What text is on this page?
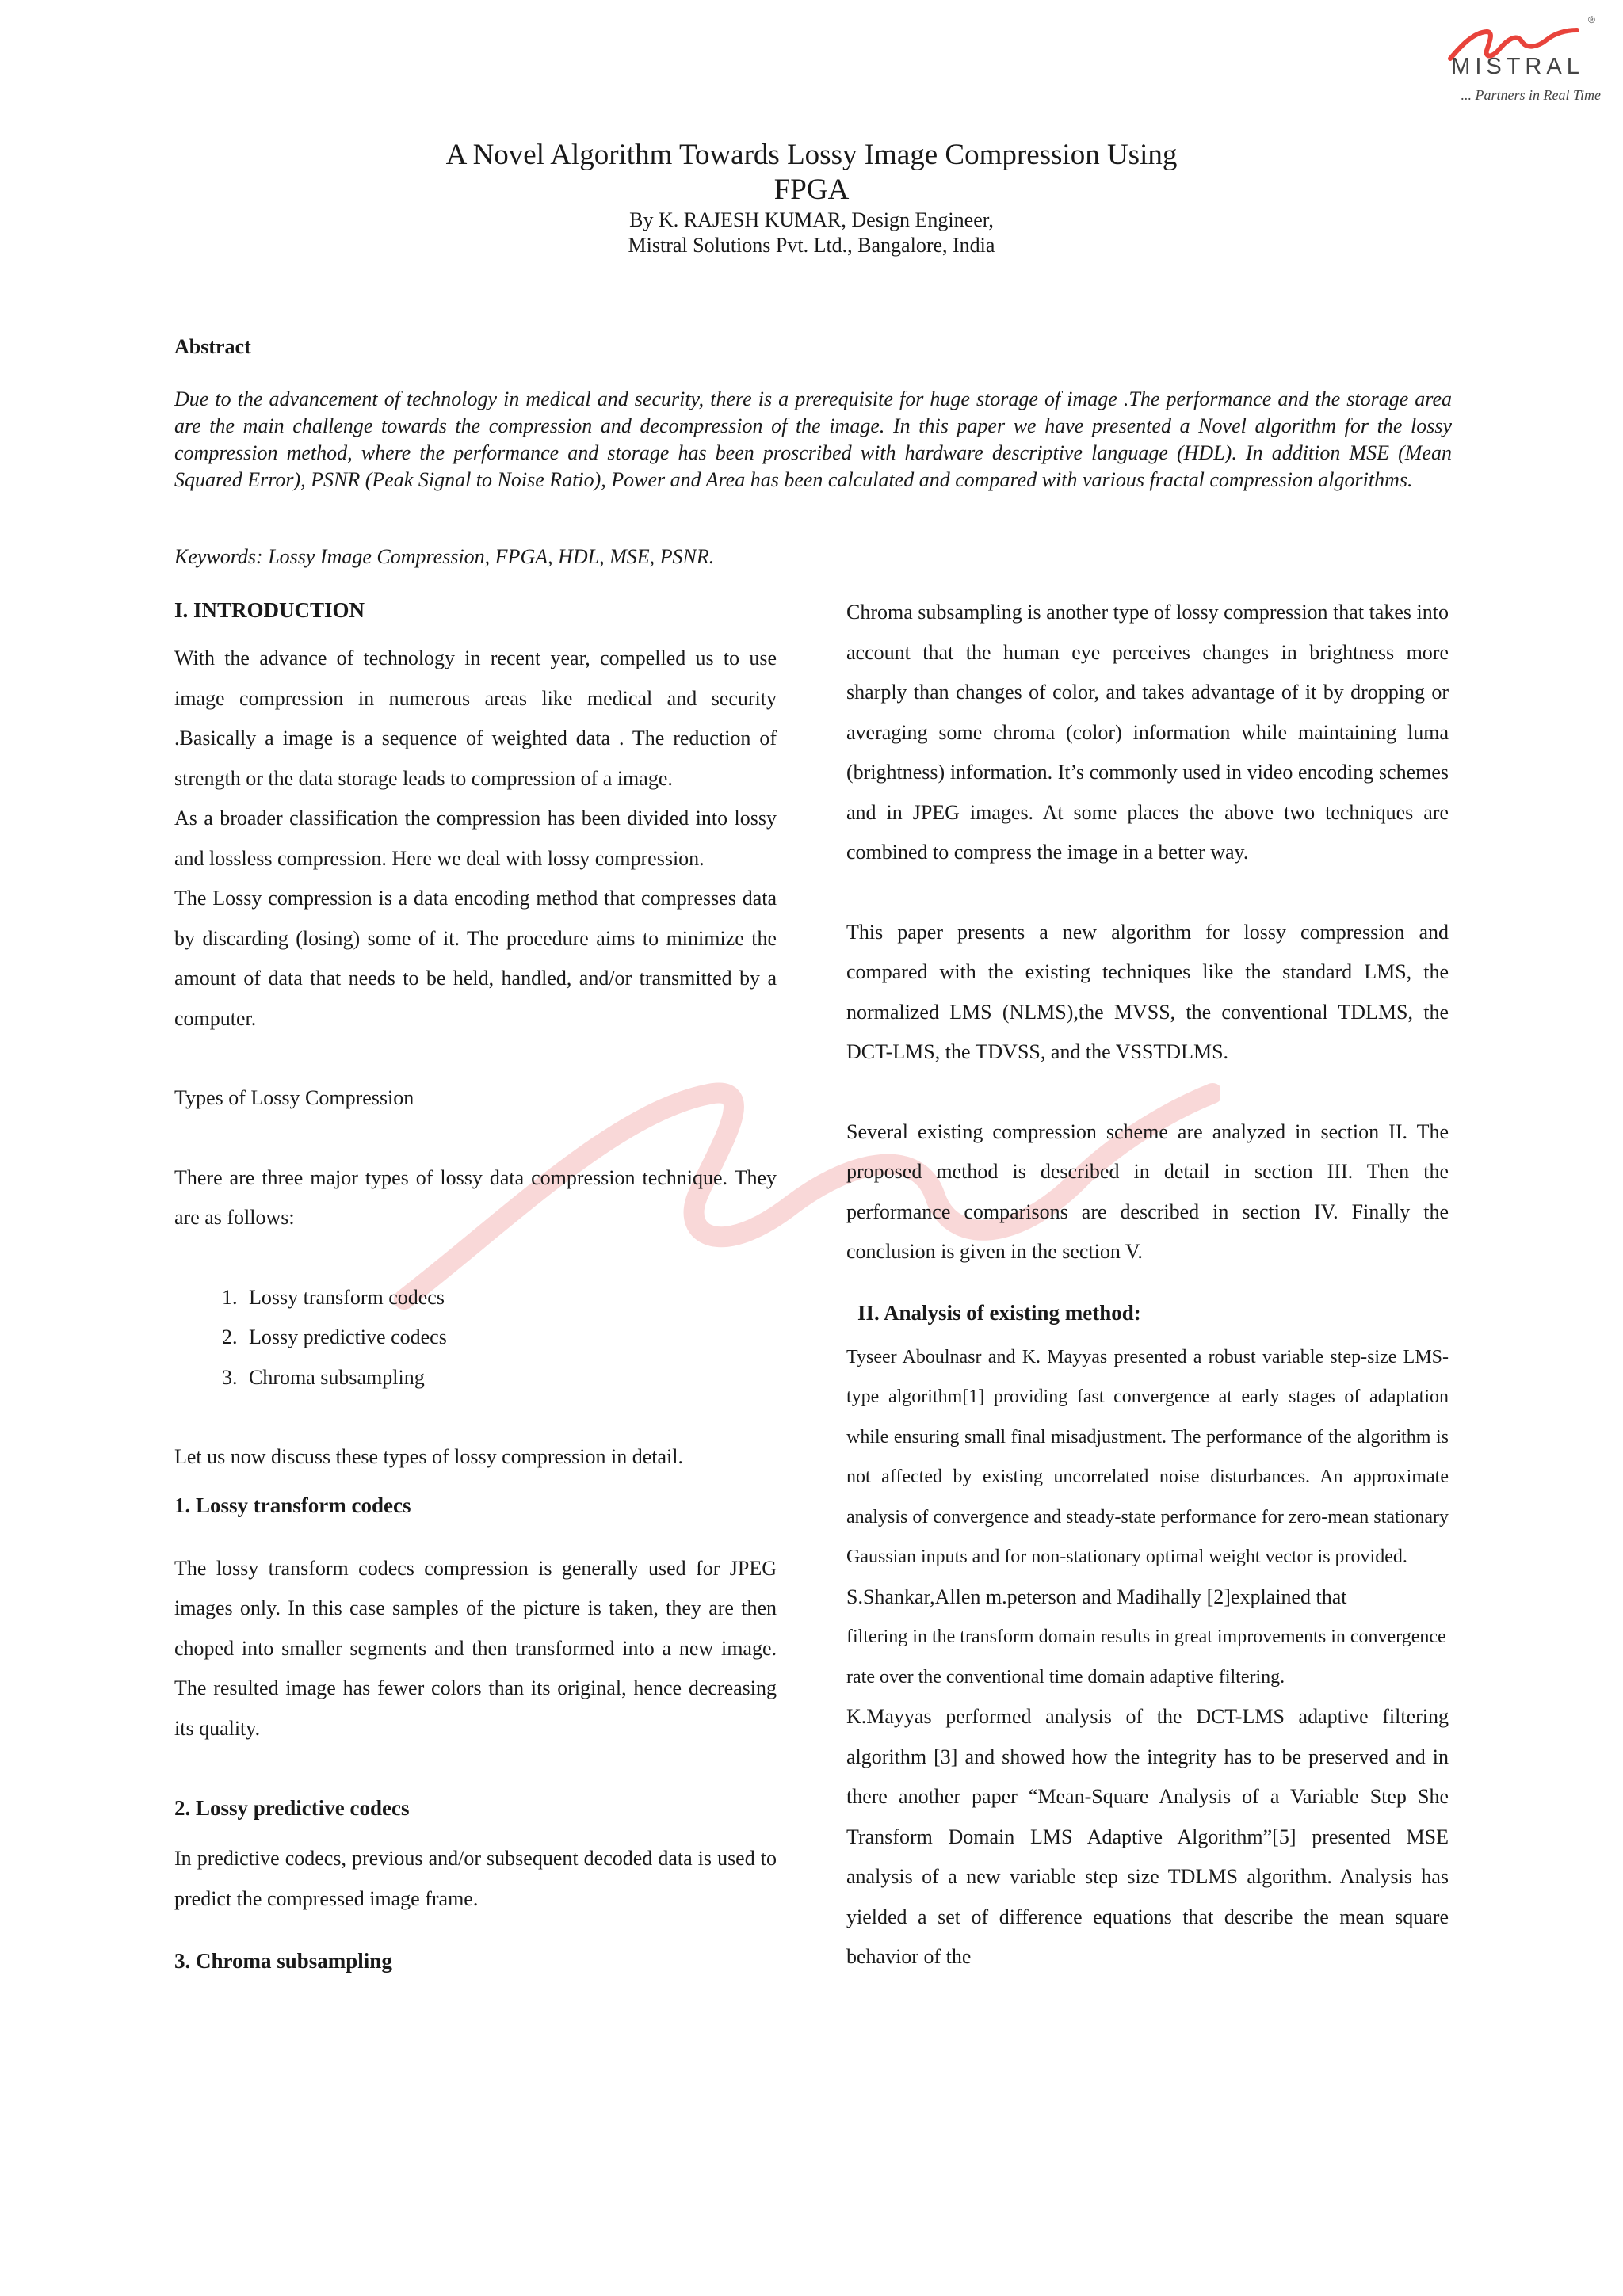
®
MISTRAL
... Partners in Real Time
A Novel Algorithm Towards Lossy Image Compression Using
FPGA
By K. RAJESH KUMAR, Design Engineer,
Mistral Solutions Pvt. Ltd., Bangalore, India
Abstract
Due to the advancement of technology in medical and security, there is a prerequisite for huge storage of image .The performance and the storage area are the main challenge towards the compression and decompression of the image. In this paper we have presented a Novel algorithm for the lossy compression method, where the performance and storage has been proscribed with hardware descriptive language (HDL). In addition MSE (Mean Squared Error), PSNR (Peak Signal to Noise Ratio), Power and Area has been calculated and compared with various fractal compression algorithms.
Keywords: Lossy Image Compression, FPGA, HDL, MSE, PSNR.
I. INTRODUCTION

With the advance of technology in recent year, compelled us to use image compression in numerous areas like medical and security .Basically a image is a sequence of weighted data . The reduction of strength or the data storage leads to compression of a image.

As a broader classification the compression has been divided into lossy and lossless compression. Here we deal with lossy compression.

The Lossy compression is a data encoding method that compresses data by discarding (losing) some of it. The procedure aims to minimize the amount of data that needs to be held, handled, and/or transmitted by a computer.

Types of Lossy Compression

There are three major types of lossy data compression technique. They are as follows:

1. Lossy transform codecs
2. Lossy predictive codecs
3. Chroma subsampling

Let us now discuss these types of lossy compression in detail.

1. Lossy transform codecs

The lossy transform codecs compression is generally used for JPEG images only. In this case samples of the picture is taken, they are then choped into smaller segments and then transformed into a new image. The resulted image has fewer colors than its original, hence decreasing its quality.

2. Lossy predictive codecs

In predictive codecs, previous and/or subsequent decoded data is used to predict the compressed image frame.

3. Chroma subsampling

Chroma subsampling is another type of lossy compression that takes into account that the human eye perceives changes in brightness more sharply than changes of color, and takes advantage of it by dropping or averaging some chroma (color) information while maintaining luma (brightness) information. It’s commonly used in video encoding schemes and in JPEG images. At some places the above two techniques are combined to compress the image in a better way.

This paper presents a new algorithm for lossy compression and compared with the existing techniques like the standard LMS, the normalized LMS (NLMS),the MVSS, the conventional TDLMS, the DCT-LMS, the TDVSS, and the VSSTDLMS.

Several existing compression scheme are analyzed in section II. The proposed method is described in detail in section III. Then the performance comparisons are described in section IV. Finally the conclusion is given in the section V.

II. Analysis of existing method:

Tyseer Aboulnasr and K. Mayyas presented a robust variable step-size LMS-type algorithm[1] providing fast convergence at early stages of adaptation while ensuring small final misadjustment. The performance of the algorithm is not affected by existing uncorrelated noise disturbances. An approximate analysis of convergence and steady-state performance for zero-mean stationary Gaussian inputs and for non-stationary optimal weight vector is provided.

S.Shankar,Allen m.peterson and Madihally [2]explained that

filtering in the transform domain results in great improvements in convergence rate over the conventional time domain adaptive filtering.

K.Mayyas performed analysis of the DCT-LMS adaptive filtering algorithm [3] and showed how the integrity has to be preserved and in there another paper “Mean-Square Analysis of a Variable Step She Transform Domain LMS Adaptive Algorithm”[5] presented MSE analysis of a new variable step size TDLMS algorithm. Analysis has yielded a set of difference equations that describe the mean square behavior of the
